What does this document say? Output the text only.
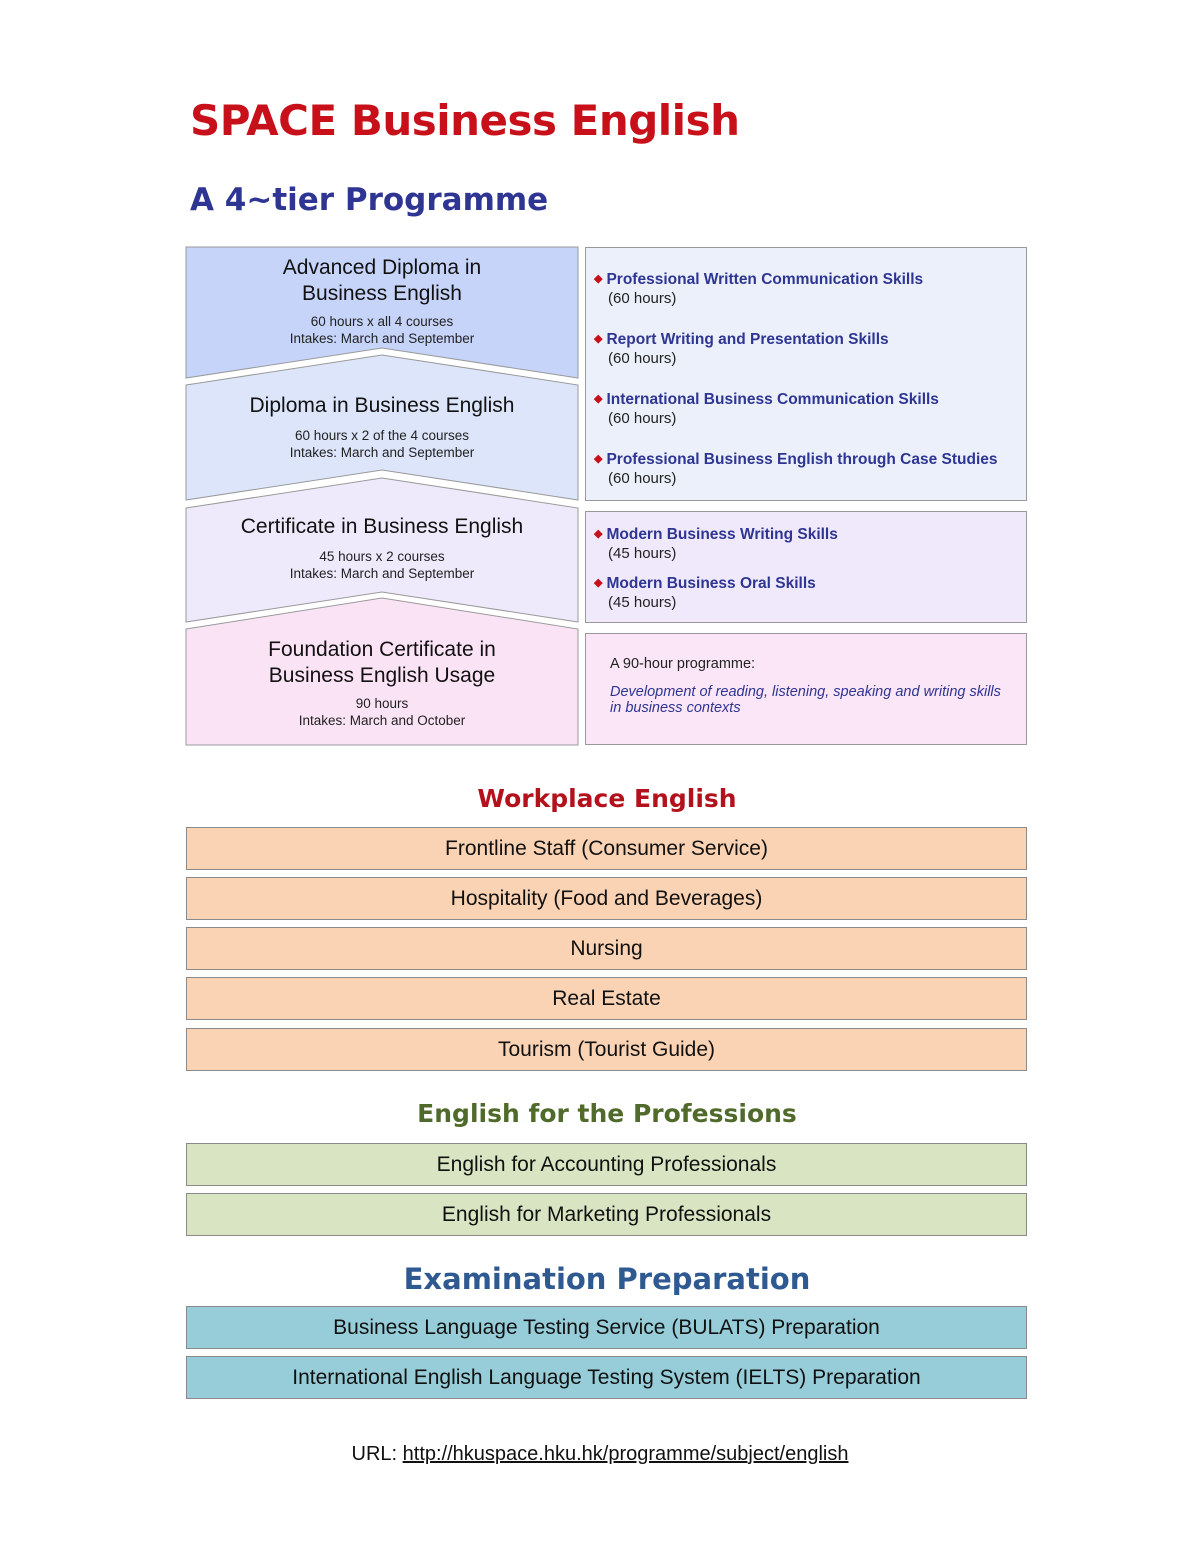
SPACE Business English
A 4~tier Programme
Advanced Diploma in
Business English
60 hours x all 4 courses
Intakes: March and September
Diploma in Business English
60 hours x 2 of the 4 courses
Intakes: March and September
Certificate in Business English
45 hours x 2 courses
Intakes: March and September
Foundation Certificate in
Business English Usage
90 hours
Intakes: March and October
◆ Professional Written Communication Skills
(60 hours)
◆ Report Writing and Presentation Skills
(60 hours)
◆ International Business Communication Skills
(60 hours)
◆ Professional Business English through Case Studies
(60 hours)
◆ Modern Business Writing Skills
(45 hours)
◆ Modern Business Oral Skills
(45 hours)
A 90-hour programme:
Development of reading, listening, speaking and writing skills
in business contexts
Workplace English
Frontline Staff (Consumer Service)
Hospitality (Food and Beverages)
Nursing
Real Estate
Tourism (Tourist Guide)
English for the Professions
English for Accounting Professionals
English for Marketing Professionals
Examination Preparation
Business Language Testing Service (BULATS) Preparation
International English Language Testing System (IELTS) Preparation
URL: http://hkuspace.hku.hk/programme/subject/english
